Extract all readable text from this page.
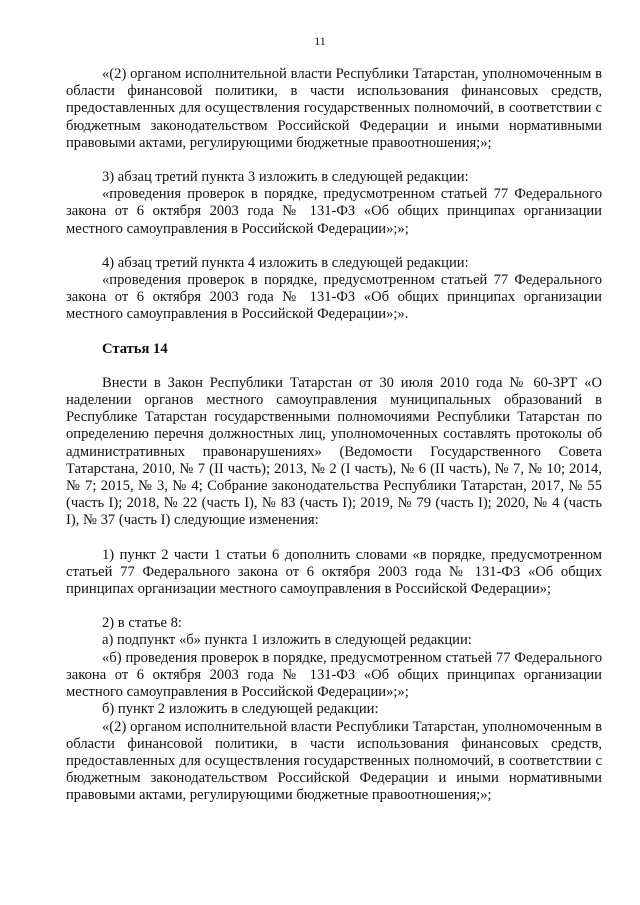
11

«(2) органом исполнительной власти Республики Татарстан, уполномоченным в области финансовой политики, в части использования финансовых средств, предоставленных для осуществления государственных полномочий, в соответствии с бюджетным законодательством Российской Федерации и иными нормативными правовыми актами, регулирующими бюджетные правоотношения;»;

3) абзац третий пункта 3 изложить в следующей редакции:

«проведения проверок в порядке, предусмотренном статьей 77 Федерального закона от 6 октября 2003 года № 131-ФЗ «Об общих принципах организации местного самоуправления в Российской Федерации»;»;

4) абзац третий пункта 4 изложить в следующей редакции:

«проведения проверок в порядке, предусмотренном статьей 77 Федерального закона от 6 октября 2003 года № 131-ФЗ «Об общих принципах организации местного самоуправления в Российской Федерации»;».

Статья 14

Внести в Закон Республики Татарстан от 30 июля 2010 года № 60-ЗРТ «О наделении органов местного самоуправления муниципальных образований в Республике Татарстан государственными полномочиями Республики Татарстан по определению перечня должностных лиц, уполномоченных составлять протоколы об административных правонарушениях» (Ведомости Государственного Совета Татарстана, 2010, № 7 (II часть); 2013, № 2 (I часть), № 6 (II часть), № 7, № 10; 2014, № 7; 2015, № 3, № 4; Собрание законодательства Республики Татарстан, 2017, № 55 (часть I); 2018, № 22 (часть I), № 83 (часть I); 2019, № 79 (часть I); 2020, № 4 (часть I), № 37 (часть I) следующие изменения:

1) пункт 2 части 1 статьи 6 дополнить словами «в порядке, предусмотренном статьей 77 Федерального закона от 6 октября 2003 года № 131-ФЗ «Об общих принципах организации местного самоуправления в Российской Федерации»;

2) в статье 8:

а) подпункт «б» пункта 1 изложить в следующей редакции:

«б) проведения проверок в порядке, предусмотренном статьей 77 Федерального закона от 6 октября 2003 года № 131-ФЗ «Об общих принципах организации местного самоуправления в Российской Федерации»;»;

б) пункт 2 изложить в следующей редакции:

«(2) органом исполнительной власти Республики Татарстан, уполномоченным в области финансовой политики, в части использования финансовых средств, предоставленных для осуществления государственных полномочий, в соответствии с бюджетным законодательством Российской Федерации и иными нормативными правовыми актами, регулирующими бюджетные правоотношения;»;
